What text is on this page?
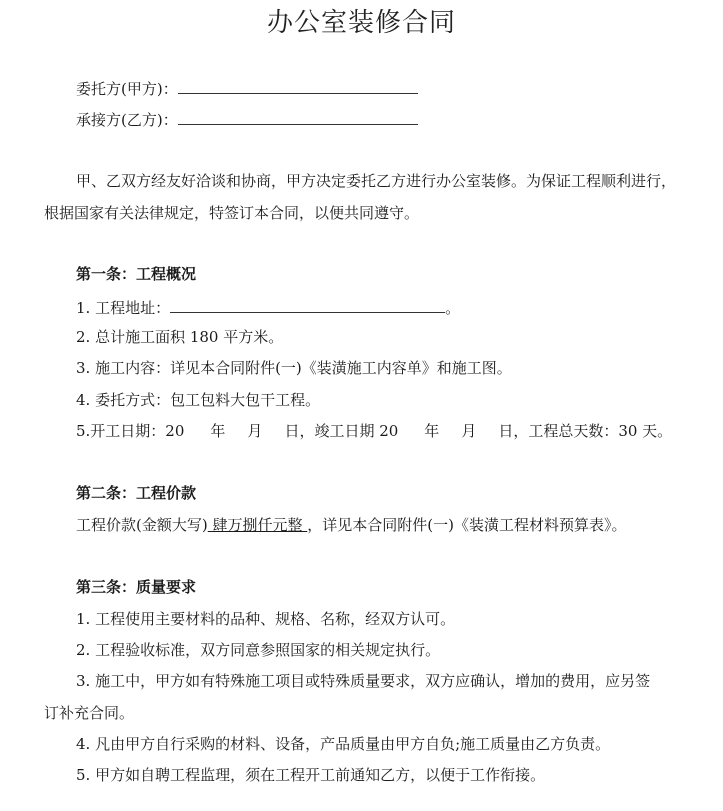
办公室装修合同
委托方(甲方)：
承接方(乙方)：
甲、乙双方经友好洽谈和协商，甲方决定委托乙方进行办公室装修。为保证工程顺利进行，
根据国家有关法律规定，特签订本合同，以便共同遵守。
第一条：工程概况
1. 工程地址：	。
2. 总计施工面积 180 平方米。
3. 施工内容：详见本合同附件(一)《装潢施工内容单》和施工图。
4. 委托方式：包工包料大包干工程。
5.开工日期：20 年 月 日，竣工日期 20 年 月 日，工程总天数：30 天。
第二条：工程价款
工程价款(金额大写) 肆万捌仟元整 ，详见本合同附件(一)《装潢工程材料预算表》。
第三条：质量要求
1. 工程使用主要材料的品种、规格、名称，经双方认可。
2. 工程验收标准，双方同意参照国家的相关规定执行。
3. 施工中，甲方如有特殊施工项目或特殊质量要求，双方应确认，增加的费用，应另签
订补充合同。
4. 凡由甲方自行采购的材料、设备，产品质量由甲方自负;施工质量由乙方负责。
5. 甲方如自聘工程监理，须在工程开工前通知乙方，以便于工作衔接。
